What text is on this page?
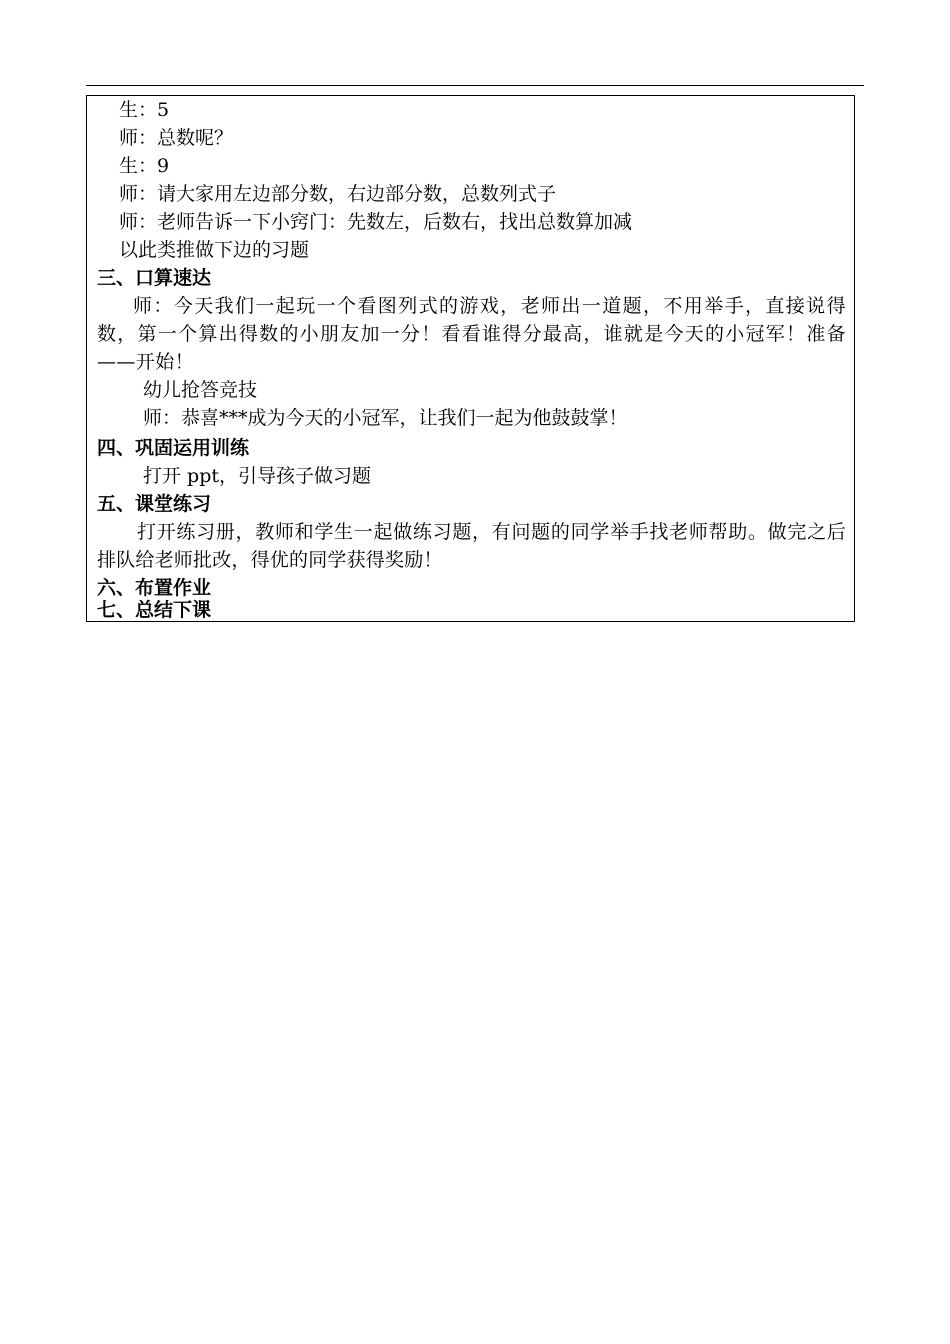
生：5
师：总数呢？
生：9
师：请大家用左边部分数，右边部分数，总数列式子
师：老师告诉一下小窍门：先数左，后数右，找出总数算加减
以此类推做下边的习题
三、口算速达
师：今天我们一起玩一个看图列式的游戏，老师出一道题，不用举手，直接说得数，第一个算出得数的小朋友加一分！看看谁得分最高，谁就是今天的小冠军！准备——开始！
幼儿抢答竞技
师：恭喜***成为今天的小冠军，让我们一起为他鼓鼓掌！
四、巩固运用训练
打开 ppt，引导孩子做习题
五、课堂练习
打开练习册，教师和学生一起做练习题，有问题的同学举手找老师帮助。做完之后排队给老师批改，得优的同学获得奖励！
六、布置作业
七、总结下课
